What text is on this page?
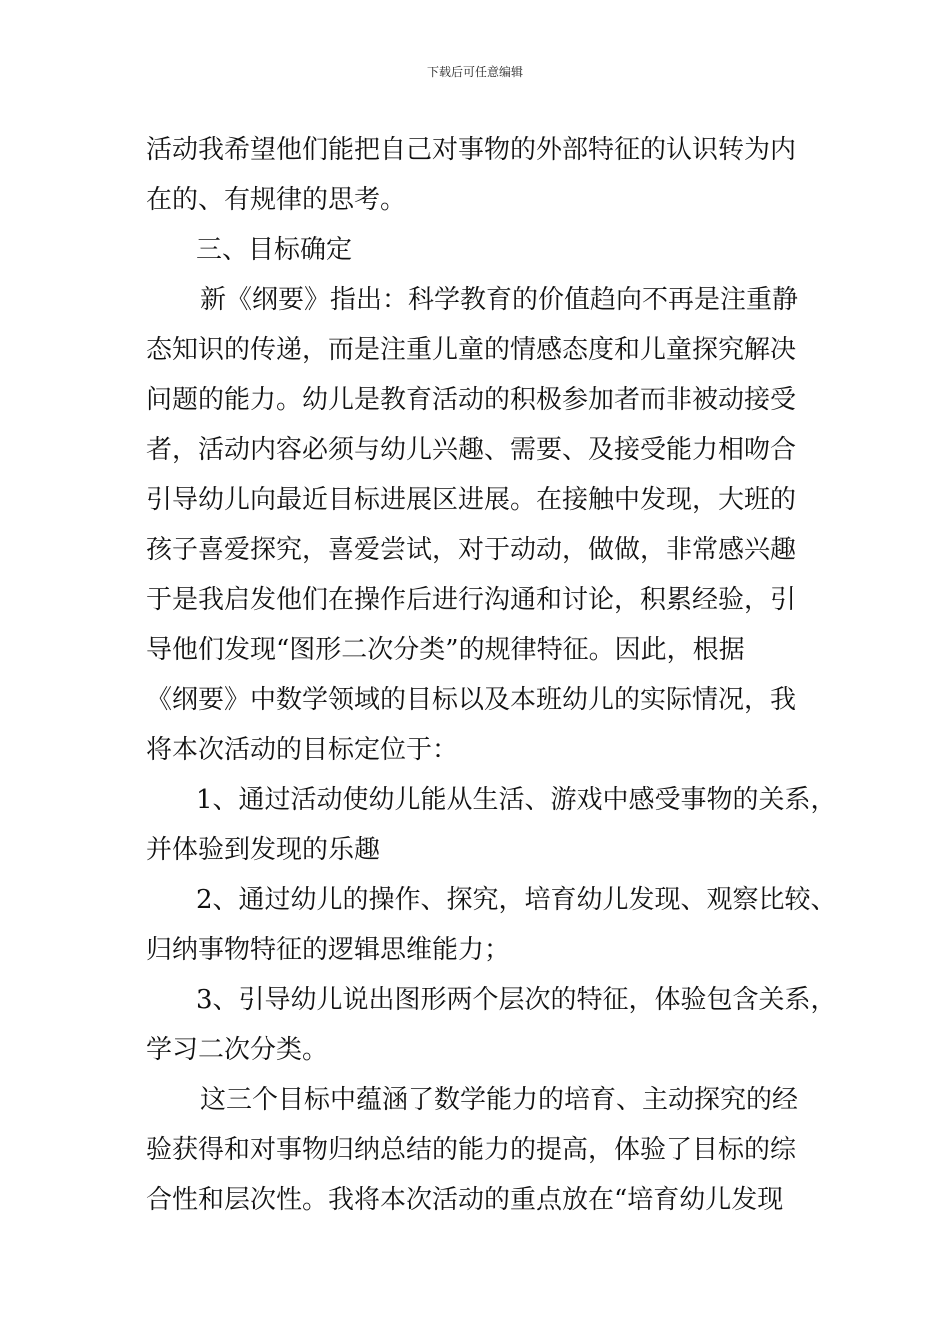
下载后可任意编辑
活动我希望他们能把自己对事物的外部特征的认识转为内
在的、有规律的思考。
三、目标确定
新《纲要》指出：科学教育的价值趋向不再是注重静
态知识的传递，而是注重儿童的情感态度和儿童探究解决
问题的能力。幼儿是教育活动的积极参加者而非被动接受
者，活动内容必须与幼儿兴趣、需要、及接受能力相吻合
引导幼儿向最近目标进展区进展。在接触中发现，大班的
孩子喜爱探究，喜爱尝试，对于动动，做做，非常感兴趣
于是我启发他们在操作后进行沟通和讨论，积累经验，引
导他们发现“图形二次分类”的规律特征。因此，根据
《纲要》中数学领域的目标以及本班幼儿的实际情况，我
将本次活动的目标定位于：
1、通过活动使幼儿能从生活、游戏中感受事物的关系，
并体验到发现的乐趣
2、通过幼儿的操作、探究，培育幼儿发现、观察比较、
归纳事物特征的逻辑思维能力；
3、引导幼儿说出图形两个层次的特征，体验包含关系，
学习二次分类。
这三个目标中蕴涵了数学能力的培育、主动探究的经
验获得和对事物归纳总结的能力的提高，体验了目标的综
合性和层次性。我将本次活动的重点放在“培育幼儿发现
